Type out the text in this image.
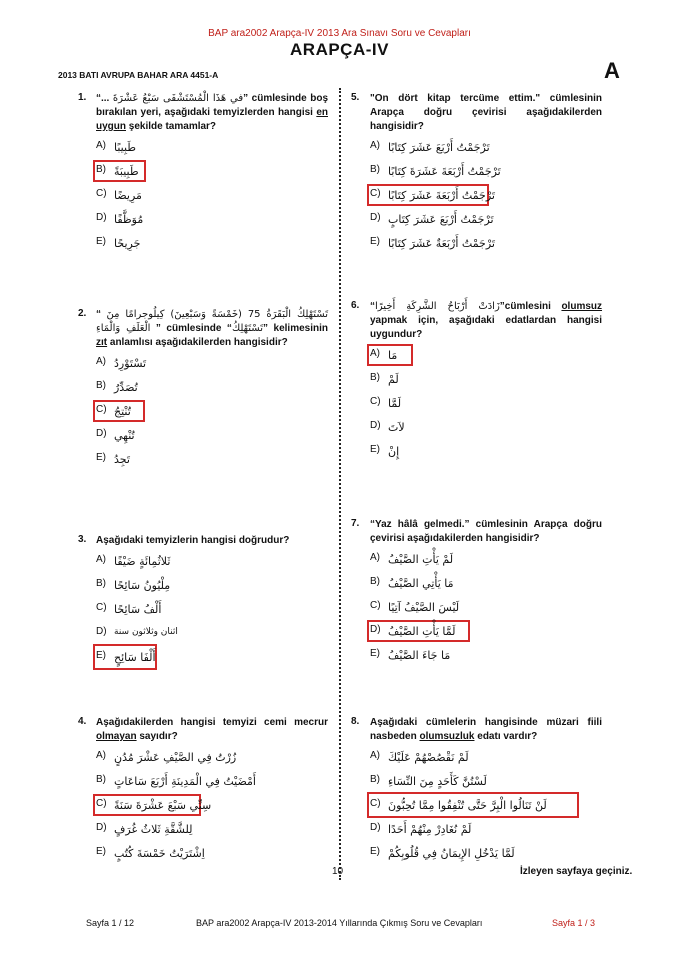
BAP ara2002 Arapça-IV 2013 Ara Sınavı Soru ve Cevapları
ARAPÇA-IV
2013 BATI AVRUPA BAHAR ARA 4451-A	A
1. “... في هَذَا الْمُسْتَشْفَى سَبْعُ عَشْرَةَ” cümlesinde boş bırakılan yeri, aşağıdaki temyizlerden hangisi en uygun şekilde tamamlar?
A) طَبِيبًا
B) طَبِيبَةً
C) مَرِيضًا
D) مُوَظَّفًا
E) جَرِيحًا
2. “ تَسْتَهْلِكُ الْبَقَرَةُ 75 (خَمْسَةً وَسَبْعِينَ) كِيلُوجرامًا مِنَ الْعَلَفِ وَالْمَاءِ ” cümlesinde “تَسْتَهْلِكُ” kelimesinin zıt anlamlısı aşağıdakilerden hangisidir?
A) تَسْتَوْرِدُ
B) تُصَدِّرُ
C) تُنْتِجُ
D) تُنْهِي
E) تَجِدُ
3. Aşağıdaki temyizlerin hangisi doğrudur?
A) ثَلاثُمِائَةٍ ضَيْفًا
B) مِلْيُونُ سَائِحًا
C) أَلْفُ سَائِحًا
D) اثنان وثلاثون سنة
E) أَلْفَا سَائِحٍ
4. Aşağıdakilerden hangisi temyizi cemi mecrur olmayan sayıdır?
A) زُرْتُ فِي الصَّيْفِ عَشْرَ مُدُنٍ
B) أَمْضَيْتُ فِي الْمَدِينَةِ أَرْبَعَ سَاعَاتٍ
C) سِنِّي سَبْعَ عَشْرَةَ سَنَةً
D) لِلشَّقَّةِ ثَلاثُ غُرَفٍ
E) اِشْتَرَيْتُ خَمْسَةَ كُتُبٍ
5. "On dört kitap tercüme ettim." cümlesinin Arapça doğru çevirisi aşağıdakilerden hangisidir?
A) تَرْجَمْتُ أَرْبَعَ عَشَرَ كِتَابًا
B) تَرْجَمْتُ أَرْبَعَةَ عَشَرَةَ كِتَابًا
C) تَرْجَمْتُ أَرْبَعَةَ عَشَرَ كِتَابًا
D) تَرْجَمْتُ أَرْبَعَ عَشَرَ كِتَابٍ
E) تَرْجَمْتُ أَرْبَعَةٌ عَشَرَ كِتَابًا
6. “زَادَتْ أَرْبَاحُ الشَّرِكَةِ أَخِيرًا”cümlesini olumsuz yapmak için, aşağıdaki edatlardan hangisi uygundur?
A) مَا
B) لَمْ
C) لَمَّا
D) لاَتَ
E) إِنْ
7. “Yaz hâlâ gelmedi.” cümlesinin Arapça doğru çevirisi aşağıdakilerden hangisidir?
A) لَمْ يَأْتِ الصَّيْفُ
B) مَا يَأْتِي الصَّيْفُ
C) لَيْسَ الصَّيْفُ آتِيًا
D) لَمَّا يَأْتِ الصَّيْفُ
E) مَا جَاءَ الصَّيْفُ
8. Aşağıdaki cümlelerin hangisinde müzari fiili nasbeden olumsuzluk edatı vardır?
A) لَمْ نَقْصُصْهُمْ عَلَيْكَ
B) لَسْتُنَّ كَأَحَدٍ مِنَ النِّسَاءِ
C) لَنْ تَنَالُوا الْبِرَّ حَتَّى تُنْفِقُوا مِمَّا تُحِبُّونَ
D) لَمْ نُغَادِرْ مِنْهُمْ أَحَدًا
E) لَمَّا يَدْخُلِ الإِيمَانُ فِي قُلُوبِكُمْ
10	İzleyen sayfaya geçiniz.
Sayfa 1 / 12	BAP ara2002 Arapça-IV 2013-2014 Yıllarında Çıkmış Soru ve Cevapları	Sayfa 1 / 3
